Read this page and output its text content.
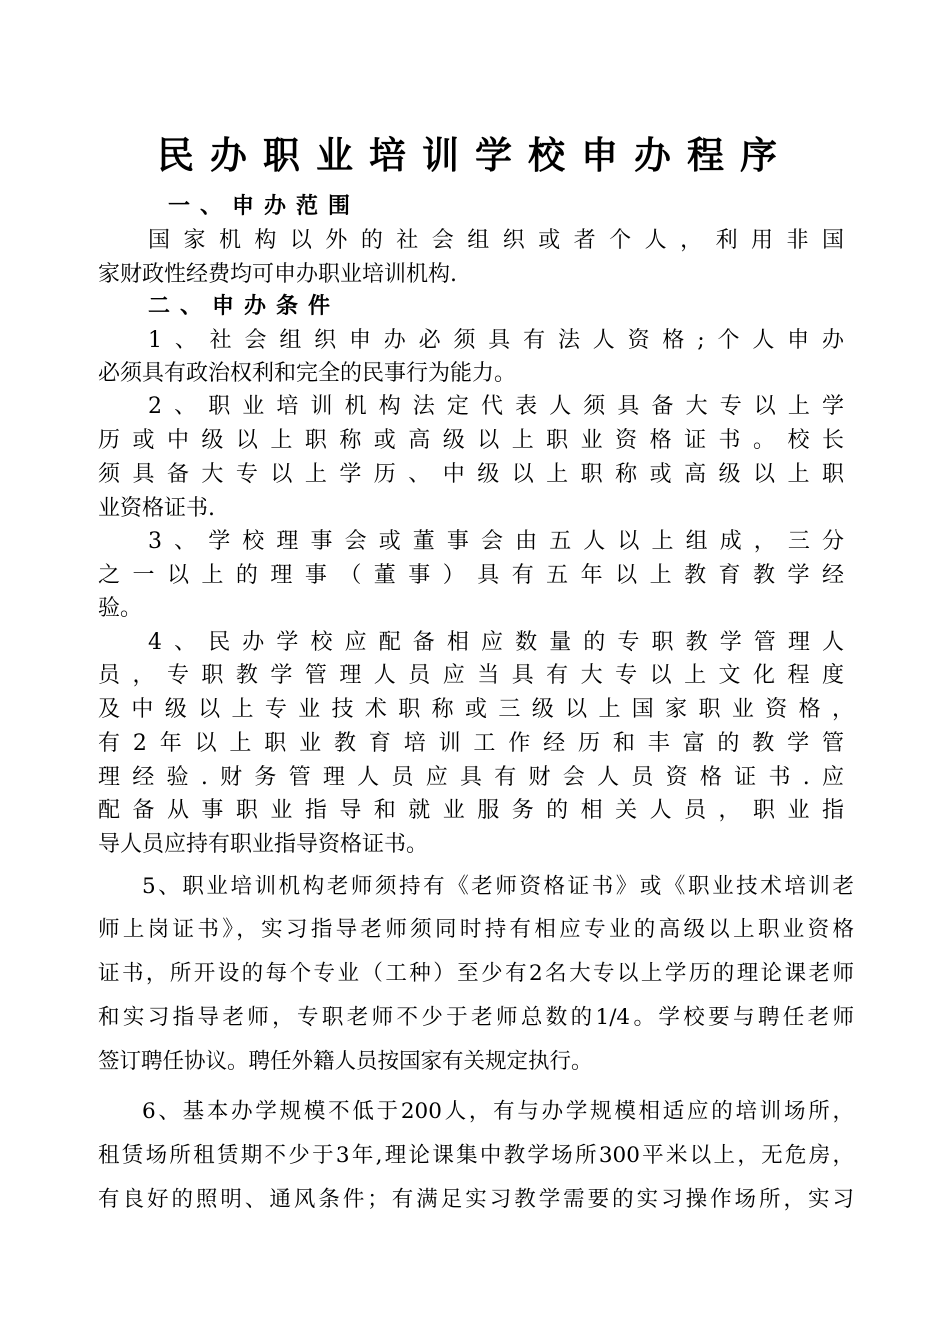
民办职业培训学校申办程序
一、申办范围

国家机构以外的社会组织或者个人，利用非国

家财政性经费均可申办职业培训机构.

二、申办条件

1、社会组织申办必须具有法人资格;个人申办

必须具有政治权利和完全的民事行为能力。

2、职业培训机构法定代表人须具备大专以上学

历或中级以上职称或高级以上职业资格证书。校长

须具备大专以上学历、中级以上职称或高级以上职

业资格证书.

3、学校理事会或董事会由五人以上组成，三分

之一以上的理事（董事）具有五年以上教育教学经

验。

4、民办学校应配备相应数量的专职教学管理人

员，专职教学管理人员应当具有大专以上文化程度

及中级以上专业技术职称或三级以上国家职业资格，

有2年以上职业教育培训工作经历和丰富的教学管

理经验.财务管理人员应具有财会人员资格证书.应

配备从事职业指导和就业服务的相关人员，职业指

导人员应持有职业指导资格证书。

5、职业培训机构老师须持有《老师资格证书》或《职业技术培训老

师上岗证书》，实习指导老师须同时持有相应专业的高级以上职业资格

证书，所开设的每个专业（工种）至少有2名大专以上学历的理论课老师

和实习指导老师，专职老师不少于老师总数的1/4。学校要与聘任老师

签订聘任协议。聘任外籍人员按国家有关规定执行。

6、基本办学规模不低于200人，有与办学规模相适应的培训场所，

租赁场所租赁期不少于3年,理论课集中教学场所300平米以上，无危房，

有良好的照明、通风条件；有满足实习教学需要的实习操作场所，实习
